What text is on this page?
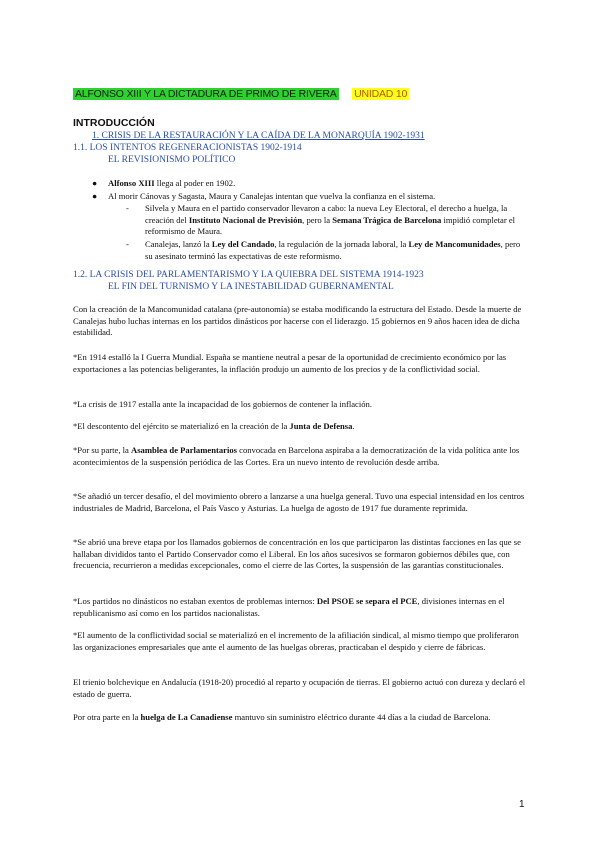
ALFONSO XIII Y LA DICTADURA DE PRIMO DE RIVERA UNIDAD 10
INTRODUCCIÓN
1. CRISIS DE LA RESTAURACIÓN Y LA CAÍDA DE LA MONARQUÍA 1902-1931
1.1. LOS INTENTOS REGENERACIONISTAS 1902-1914
EL REVISIONISMO POLÍTICO
● Alfonso XIII llega al poder en 1902.
● Al morir Cánovas y Sagasta, Maura y Canalejas intentan que vuelva la confianza en el sistema.
- Silvela y Maura en el partido conservador llevaron a cabo: la nueva Ley Electoral, el derecho a huelga, la creación del Instituto Nacional de Previsión, pero la Semana Trágica de Barcelona impidió completar el reformismo de Maura.
- Canalejas, lanzó la Ley del Candado, la regulación de la jornada laboral, la Ley de Mancomunidades, pero su asesinato terminó las expectativas de este reformismo.
1.2. LA CRISIS DEL PARLAMENTARISMO Y LA QUIEBRA DEL SISTEMA 1914-1923
EL FIN DEL TURNISMO Y LA INESTABILIDAD GUBERNAMENTAL
Con la creación de la Mancomunidad catalana (pre-autonomía) se estaba modificando la estructura del Estado. Desde la muerte de Canalejas hubo luchas internas en los partidos dinásticos por hacerse con el liderazgo. 15 gobiernos en 9 años hacen idea de dicha estabilidad.
*En 1914 estalló la I Guerra Mundial. España se mantiene neutral a pesar de la oportunidad de crecimiento económico por las exportaciones a las potencias beligerantes, la inflación produjo un aumento de los precios y de la conflictividad social.
*La crisis de 1917 estalla ante la incapacidad de los gobiernos de contener la inflación.
*El descontento del ejército se materializó en la creación de la Junta de Defensa.
*Por su parte, la Asamblea de Parlamentarios convocada en Barcelona aspiraba a la democratización de la vida política ante los acontecimientos de la suspensión periódica de las Cortes. Era un nuevo intento de revolución desde arriba.
*Se añadió un tercer desafío, el del movimiento obrero a lanzarse a una huelga general. Tuvo una especial intensidad en los centros industriales de Madrid, Barcelona, el País Vasco y Asturias. La huelga de agosto de 1917 fue duramente reprimida.
*Se abrió una breve etapa por los llamados gobiernos de concentración en los que participaron las distintas facciones en las que se hallaban divididos tanto el Partido Conservador como el Liberal. En los años sucesivos se formaron gobiernos débiles que, con frecuencia, recurrieron a medidas excepcionales, como el cierre de las Cortes, la suspensión de las garantías constitucionales.
*Los partidos no dinásticos no estaban exentos de problemas internos: Del PSOE se separa el PCE, divisiones internas en el republicanismo así como en los partidos nacionalistas.
*El aumento de la conflictividad social se materializó en el incremento de la afiliación sindical, al mismo tiempo que proliferaron las organizaciones empresariales que ante el aumento de las huelgas obreras, practicaban el despido y cierre de fábricas.
El trienio bolchevique en Andalucía (1918-20) procedió al reparto y ocupación de tierras. El gobierno actuó con dureza y declaró el estado de guerra.
Por otra parte en la huelga de La Canadiense mantuvo sin suministro eléctrico durante 44 días a la ciudad de Barcelona.
1
